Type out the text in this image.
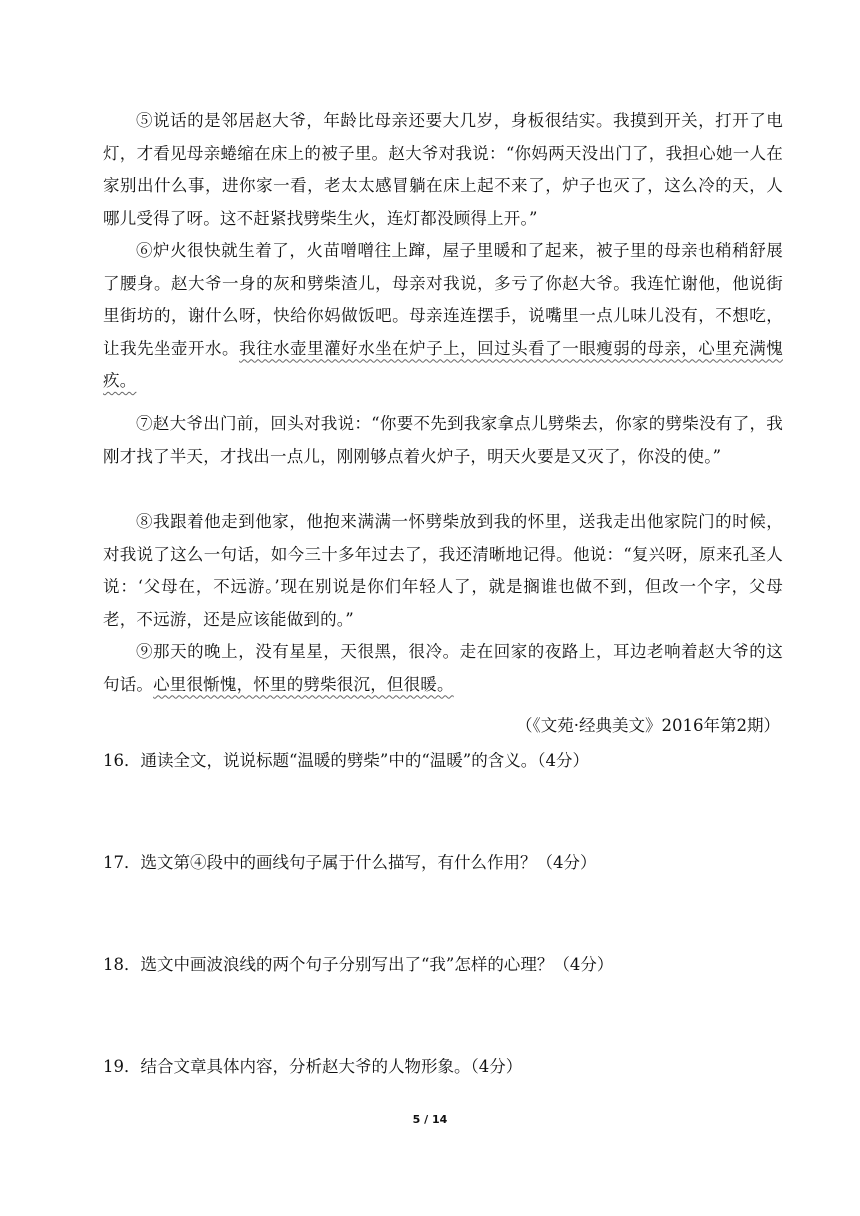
⑤说话的是邻居赵大爷，年龄比母亲还要大几岁，身板很结实。我摸到开关，打开了电灯，才看见母亲蜷缩在床上的被子里。赵大爷对我说：“你妈两天没出门了，我担心她一人在家别出什么事，进你家一看，老太太感冒躺在床上起不来了，炉子也灭了，这么冷的天，人哪儿受得了呀。这不赶紧找劈柴生火，连灯都没顾得上开。”

⑥炉火很快就生着了，火苗噌噌往上蹿，屋子里暖和了起来，被子里的母亲也稍稍舒展了腰身。赵大爷一身的灰和劈柴渣儿，母亲对我说，多亏了你赵大爷。我连忙谢他，他说街里街坊的，谢什么呀，快给你妈做饭吧。母亲连连摆手，说嘴里一点儿味儿没有，不想吃，让我先坐壶开水。我往水壶里灌好水坐在炉子上，回过头看了一眼瘦弱的母亲，心里充满愧疚。

⑦赵大爷出门前，回头对我说：“你要不先到我家拿点儿劈柴去，你家的劈柴没有了，我刚才找了半天，才找出一点儿，刚刚够点着火炉子，明天火要是又灭了，你没的使。”

⑧我跟着他走到他家，他抱来满满一怀劈柴放到我的怀里，送我走出他家院门的时候，对我说了这么一句话，如今三十多年过去了，我还清晰地记得。他说：“复兴呀，原来孔圣人说：‘父母在，不远游。’现在别说是你们年轻人了，就是搁谁也做不到，但改一个字，父母老，不远游，还是应该能做到的。”

⑨那天的晚上，没有星星，天很黑，很冷。走在回家的夜路上，耳边老响着赵大爷的这句话。心里很惭愧，怀里的劈柴很沉，但很暖。

（《文苑·经典美文》2016年第2期）

16．通读全文，说说标题“温暖的劈柴”中的“温暖”的含义。（4分）

17．选文第④段中的画线句子属于什么描写，有什么作用？（4分）

18．选文中画波浪线的两个句子分别写出了“我”怎样的心理？（4分）

19．结合文章具体内容，分析赵大爷的人物形象。（4分）

5 / 14
